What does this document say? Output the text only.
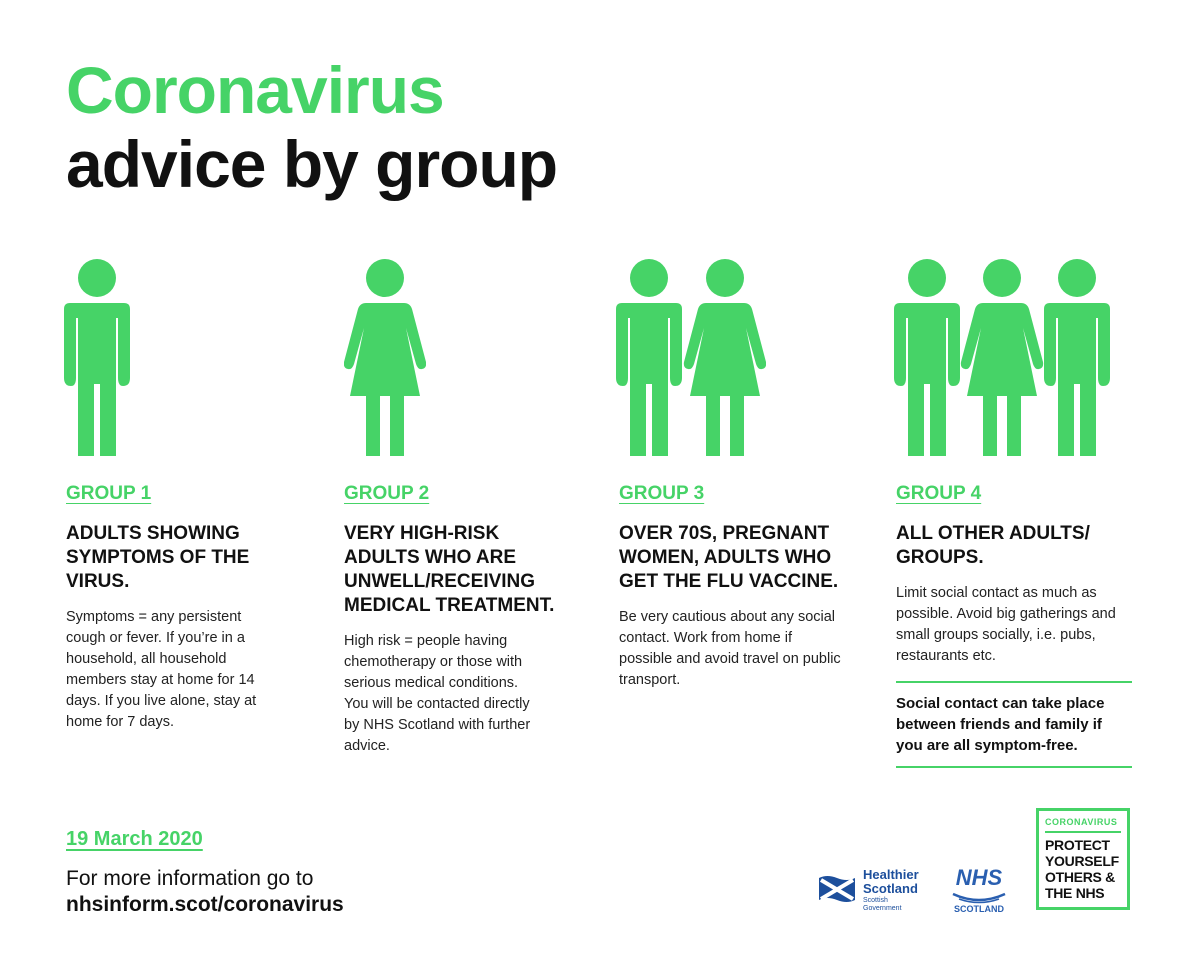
Coronavirus
advice by group

GROUP 1

ADULTS SHOWING SYMPTOMS OF THE VIRUS.

Symptoms = any persistent cough or fever. If you’re in a household, all household members stay at home for 14 days. If you live alone, stay at home for 7 days.

GROUP 2

VERY HIGH-RISK ADULTS WHO ARE UNWELL/RECEIVING MEDICAL TREATMENT.

High risk = people having chemotherapy or those with serious medical conditions. You will be contacted directly by NHS Scotland with further advice.

GROUP 3

OVER 70S, PREGNANT WOMEN, ADULTS WHO GET THE FLU VACCINE.

Be very cautious about any social contact. Work from home if possible and avoid travel on public transport.

GROUP 4

ALL OTHER ADULTS/ GROUPS.

Limit social contact as much as possible. Avoid big gatherings and small groups socially, i.e. pubs, restaurants etc.

Social contact can take place between friends and family if you are all symptom-free.

19 March 2020

For more information go to

nhsinform.scot/coronavirus

Healthier
Scotland
Scottish
Government
NHS
SCOTLAND

CORONAVIRUS

PROTECT

YOURSELF

OTHERS &

THE NHS
